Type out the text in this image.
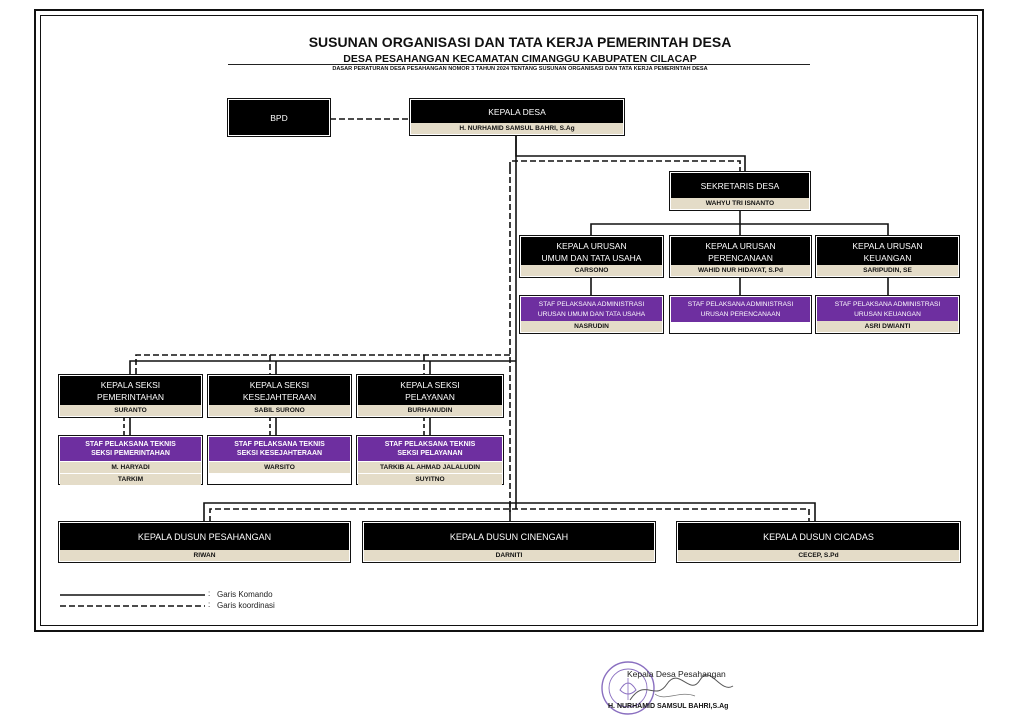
SUSUNAN ORGANISASI DAN TATA KERJA PEMERINTAH DESA
DESA PESAHANGAN KECAMATAN CIMANGGU KABUPATEN CILACAP
DASAR PERATURAN DESA PESAHANGAN NOMOR 3 TAHUN 2024 TENTANG SUSUNAN ORGANISASI DAN TATA KERJA PEMERINTAH DESA
BPD
KEPALA DESA
H. NURHAMID SAMSUL BAHRI, S.Ag
SEKRETARIS DESA
WAHYU TRI ISNANTO
KEPALA URUSAN
UMUM DAN TATA USAHA
CARSONO
KEPALA URUSAN
PERENCANAAN
WAHID NUR HIDAYAT, S.Pd
KEPALA URUSAN
KEUANGAN
SARIPUDIN, SE
STAF PELAKSANA ADMINISTRASI
URUSAN UMUM DAN TATA USAHA
NASRUDIN
STAF PELAKSANA ADMINISTRASI
URUSAN PERENCANAAN
STAF PELAKSANA ADMINISTRASI
URUSAN KEUANGAN
ASRI DWIANTI
KEPALA SEKSI
PEMERINTAHAN
SURANTO
KEPALA SEKSI
KESEJAHTERAAN
SABIL SURONO
KEPALA SEKSI
PELAYANAN
BURHANUDIN
STAF PELAKSANA TEKNIS
SEKSI PEMERINTAHAN
M. HARYADI
TARKIM
STAF PELAKSANA TEKNIS
SEKSI KESEJAHTERAAN
WARSITO
STAF PELAKSANA TEKNIS
SEKSI PELAYANAN
TARKIB AL AHMAD JALALUDIN
SUYITNO
KEPALA DUSUN PESAHANGAN
RIWAN
KEPALA DUSUN CINENGAH
DARNITI
KEPALA DUSUN CICADAS
CECEP, S.Pd
: Garis Komando
: Garis koordinasi
Kepala Desa Pesahangan
H. NURHAMID SAMSUL BAHRI,S.Ag
